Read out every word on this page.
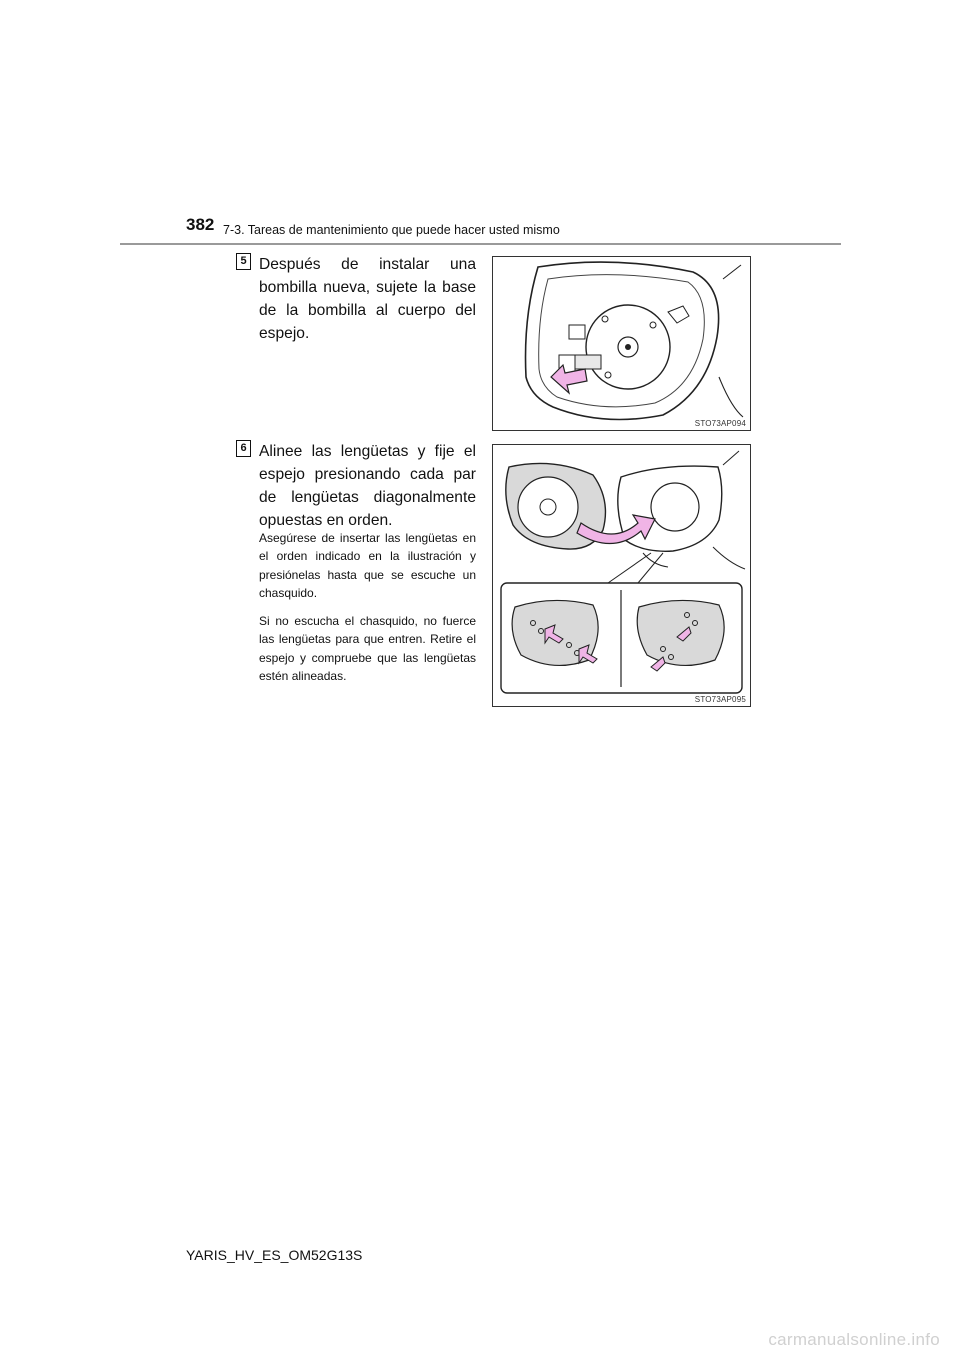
382 7-3. Tareas de mantenimiento que puede hacer usted mismo
5 Después de instalar una bombilla nueva, sujete la base de la bombilla al cuerpo del espejo.

STO73AP094
6 Alinee las lengüetas y fije el espejo presionando cada par de lengüetas diagonalmente opuestas en orden.

Asegúrese de insertar las lengüetas en el orden indicado en la ilustración y presiónelas hasta que se escuche un chasquido.

Si no escucha el chasquido, no fuerce las lengüetas para que entren. Retire el espejo y compruebe que las lengüetas estén alineadas.

STO73AP095
YARIS_HV_ES_OM52G13S
carmanualsonline.info
